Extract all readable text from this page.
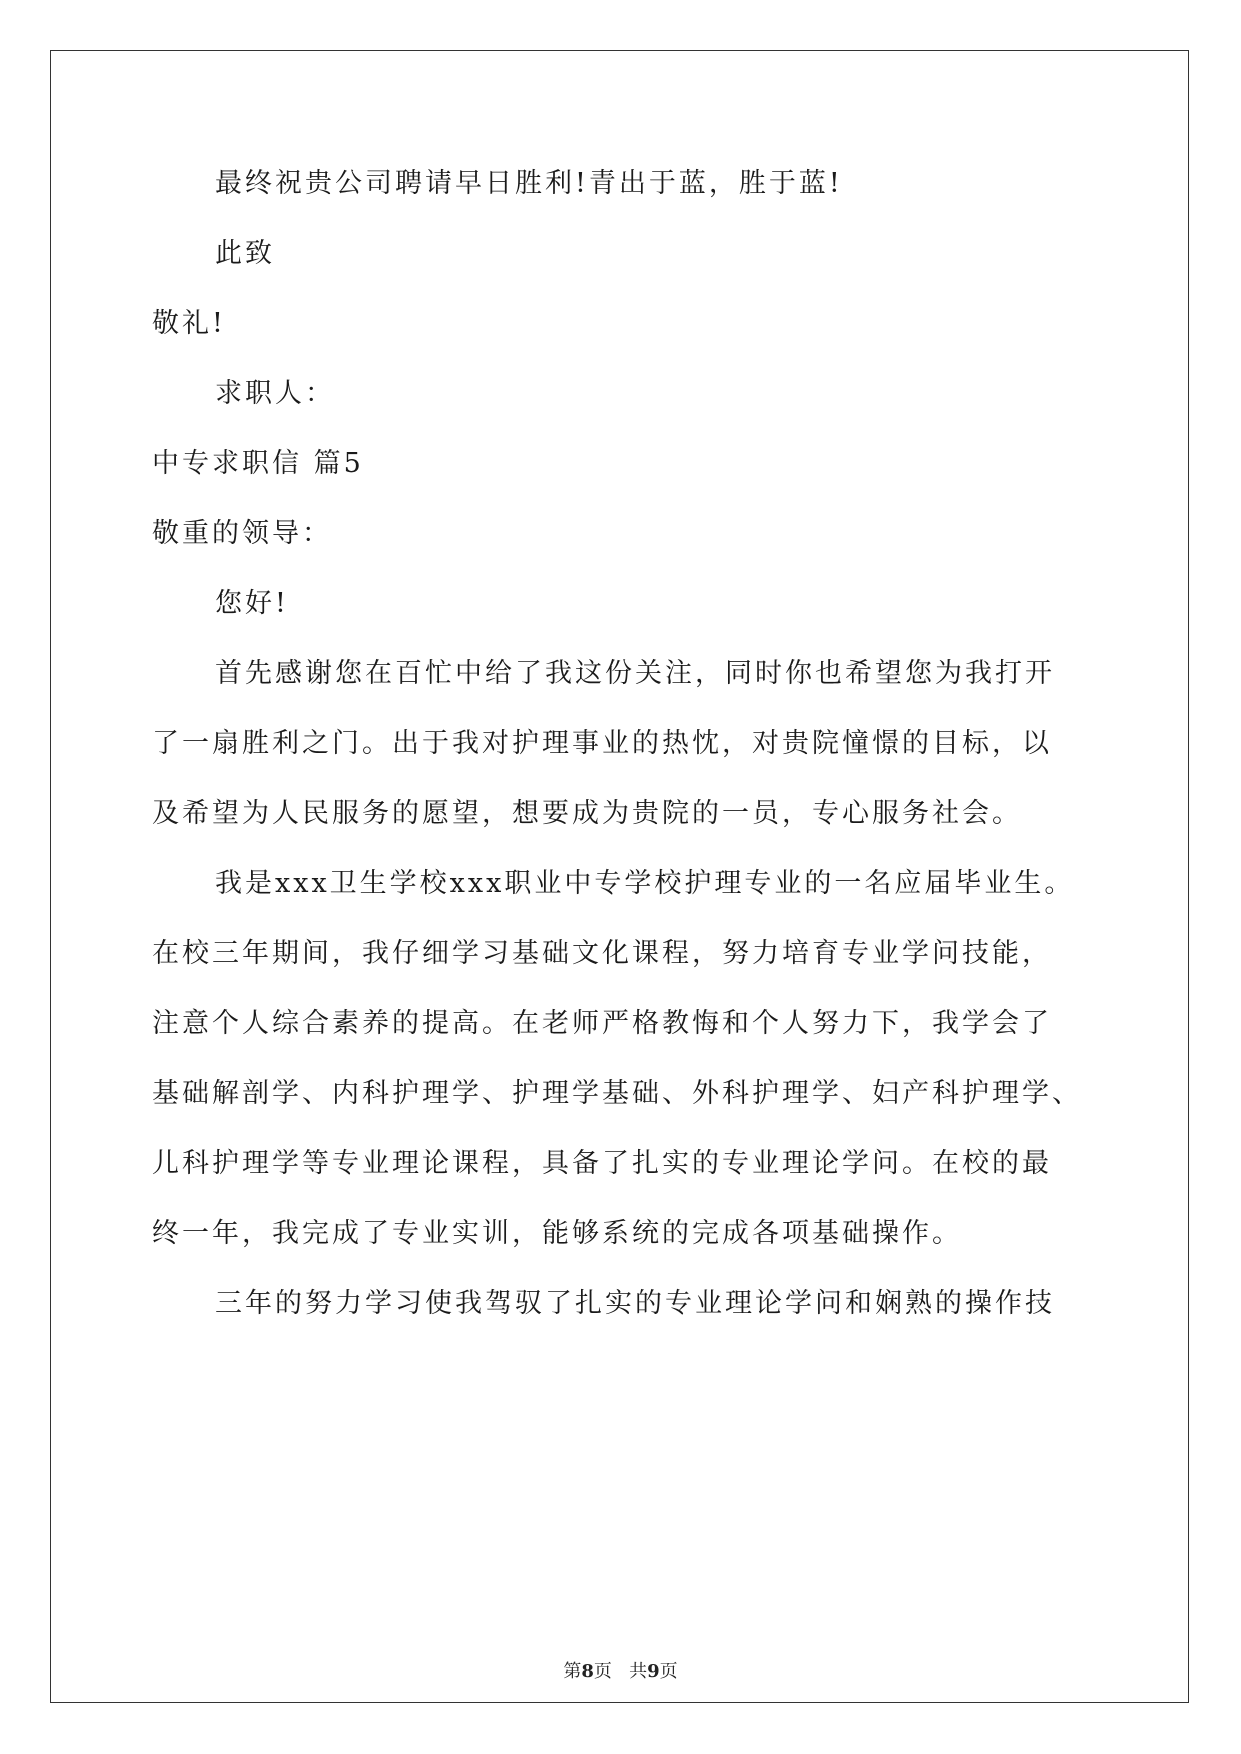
最终祝贵公司聘请早日胜利!青出于蓝，胜于蓝!
此致
敬礼!
求职人：
中专求职信 篇5
敬重的领导：
您好!
首先感谢您在百忙中给了我这份关注，同时你也希望您为我打开
了一扇胜利之门。出于我对护理事业的热忱，对贵院憧憬的目标，以
及希望为人民服务的愿望，想要成为贵院的一员，专心服务社会。
我是xxx卫生学校xxx职业中专学校护理专业的一名应届毕业生。
在校三年期间，我仔细学习基础文化课程，努力培育专业学问技能，
注意个人综合素养的提高。在老师严格教悔和个人努力下，我学会了
基础解剖学、内科护理学、护理学基础、外科护理学、妇产科护理学、
儿科护理学等专业理论课程，具备了扎实的专业理论学问。在校的最
终一年，我完成了专业实训，能够系统的完成各项基础操作。
三年的努力学习使我驾驭了扎实的专业理论学问和娴熟的操作技
第8页 共9页
